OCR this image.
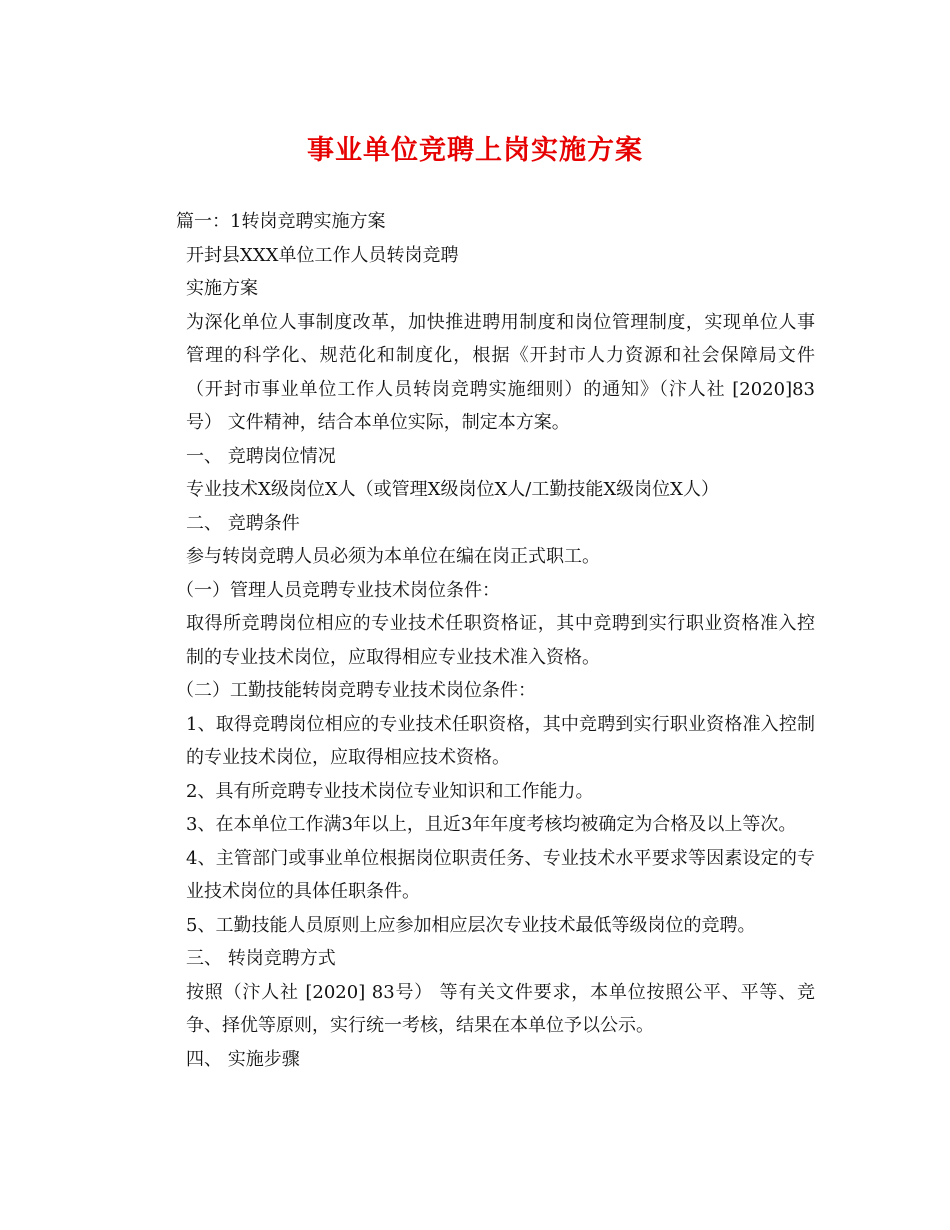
事业单位竞聘上岗实施方案

篇一：1转岗竞聘实施方案

开封县XXX单位工作人员转岗竞聘

实施方案

为深化单位人事制度改革，加快推进聘用制度和岗位管理制度，实现单位人事管理的科学化、规范化和制度化，根据《开封市人力资源和社会保障局文件（开封市事业单位工作人员转岗竞聘实施细则）的通知》（汴人社 [2020]83号） 文件精神，结合本单位实际，制定本方案。

一、 竞聘岗位情况

专业技术X级岗位X人（或管理X级岗位X人/工勤技能X级岗位X人）

二、 竞聘条件

参与转岗竞聘人员必须为本单位在编在岗正式职工。

（一）管理人员竞聘专业技术岗位条件：

取得所竞聘岗位相应的专业技术任职资格证，其中竞聘到实行职业资格准入控制的专业技术岗位，应取得相应专业技术准入资格。

（二）工勤技能转岗竞聘专业技术岗位条件：

1、取得竞聘岗位相应的专业技术任职资格，其中竞聘到实行职业资格准入控制的专业技术岗位，应取得相应技术资格。

2、具有所竞聘专业技术岗位专业知识和工作能力。

3、在本单位工作满3年以上，且近3年年度考核均被确定为合格及以上等次。

4、主管部门或事业单位根据岗位职责任务、专业技术水平要求等因素设定的专业技术岗位的具体任职条件。

5、工勤技能人员原则上应参加相应层次专业技术最低等级岗位的竞聘。

三、 转岗竞聘方式

按照（汴人社 [2020] 83号） 等有关文件要求，本单位按照公平、平等、竞争、择优等原则，实行统一考核，结果在本单位予以公示。

四、 实施步骤
